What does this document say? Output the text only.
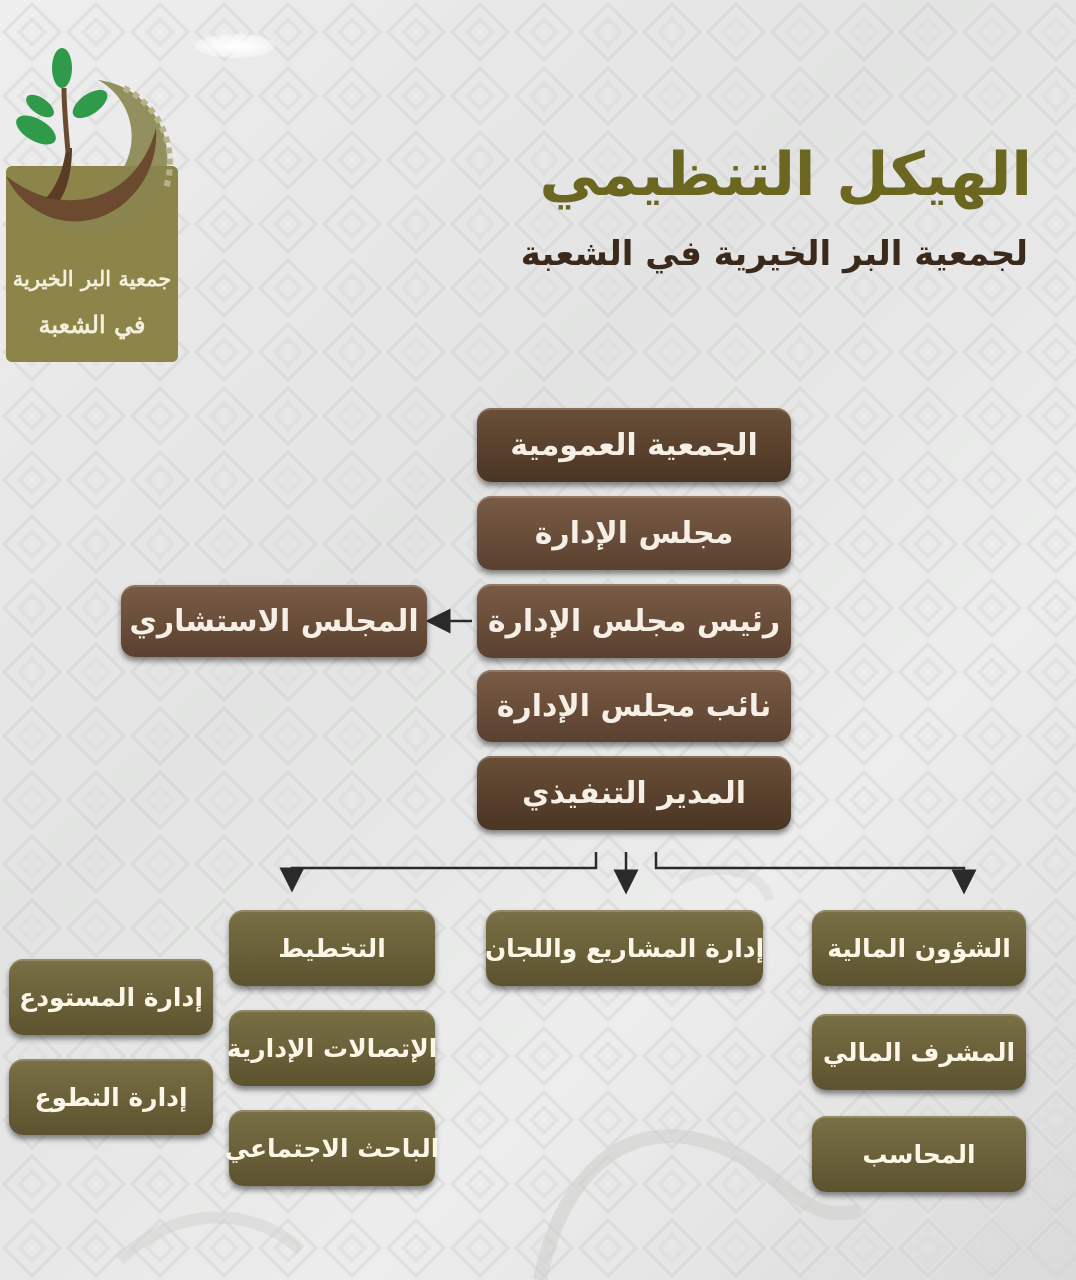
جمعية البر الخيرية
في الشعبة
الهيكل التنظيمي
لجمعية البر الخيرية في الشعبة
الجمعية العمومية
مجلس الإدارة
رئيس مجلس الإدارة
نائب مجلس الإدارة
المدير التنفيذي
المجلس الاستشاري
الشؤون المالية
المشرف المالي
المحاسب
إدارة المشاريع واللجان
التخطيط
الإتصالات الإدارية
الباحث الاجتماعي
إدارة المستودع
إدارة التطوع
